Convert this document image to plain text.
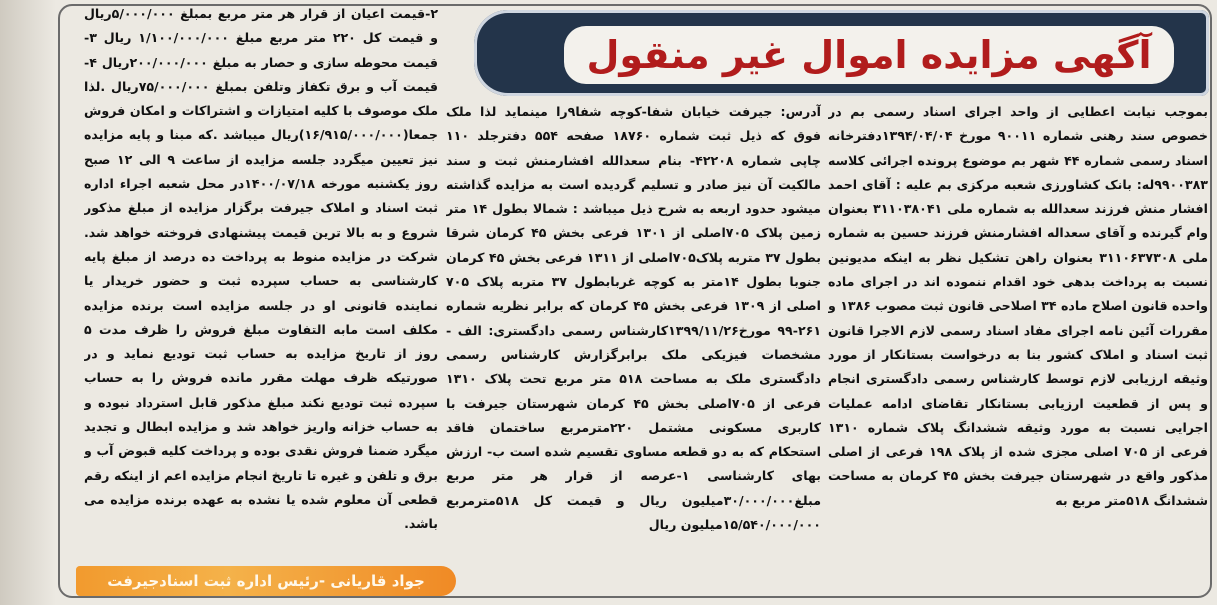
آگهی مزایده اموال غیر منقول

بموجب نیابت اعطایی از واحد اجرای اسناد رسمی بم در خصوص سند رهنی شماره ۹۰۰۱۱ مورخ ۱۳۹۴/۰۴/۰۴دفترخانه اسناد رسمی شماره ۴۴ شهر بم موضوع پرونده اجرائی کلاسه ۹۹۰۰۳۸۳له: بانک کشاورزی شعبه مرکزی بم علیه : آقای احمد افشار منش فرزند سعدالله به شماره ملی ۳۱۱۰۳۸۰۴۱ بعنوان وام گیرنده و آقای سعداله افشارمنش فرزند حسین به شماره ملی ۳۱۱۰۶۳۷۳۰۸ بعنوان راهن تشکیل نظر به اینکه مدیونین نسبت به پرداخت بدهی خود اقدام ننموده اند در اجرای ماده واحده قانون اصلاح ماده ۳۴ اصلاحی قانون ثبت مصوب ۱۳۸۶ و مقررات آئین نامه اجرای مفاد اسناد رسمی لازم الاجرا قانون ثبت اسناد و املاک کشور بنا به درخواست بستانکار از مورد وثیقه ارزیابی لازم توسط کارشناس رسمی دادگستری انجام و پس از قطعیت ارزیابی بستانکار تقاضای ادامه عملیات اجرایی نسبت به مورد وثیقه ششدانگ پلاک شماره ۱۳۱۰ فرعی از ۷۰۵ اصلی مجزی شده از پلاک ۱۹۸ فرعی از اصلی مذکور واقع در شهرستان جیرفت بخش ۴۵ کرمان به مساحت ششدانگ ۵۱۸متر مربع به

آدرس: جیرفت خیابان شفا-کوچه شفا۹را مینماید لذا ملک فوق که ذیل ثبت شماره ۱۸۷۶۰ صفحه ۵۵۴ دفترجلد ۱۱۰ چاپی شماره ۴۲۲۰۸- بنام سعدالله افشارمنش ثبت و سند مالکیت آن نیز صادر و تسلیم گردیده است به مزایده گذاشته میشود حدود اربعه به شرح ذیل میباشد : شمالا بطول ۱۴ متر زمین پلاک ۷۰۵اصلی از ۱۳۰۱ فرعی بخش ۴۵ کرمان شرقا بطول ۳۷ متربه پلاک۷۰۵اصلی از ۱۳۱۱ فرعی بخش ۴۵ کرمان جنوبا بطول ۱۴متر به کوچه غربابطول ۳۷ متربه پلاک ۷۰۵ اصلی از ۱۳۰۹ فرعی بخش ۴۵ کرمان که برابر نظریه شماره ۲۶۱-۹۹ مورخ۱۳۹۹/۱۱/۲۶کارشناس رسمی دادگستری: الف - مشخصات فیزیکی ملک برابرگزارش کارشناس رسمی دادگستری ملک به مساحت ۵۱۸ متر مربع تحت پلاک ۱۳۱۰ فرعی از ۷۰۵اصلی بخش ۴۵ کرمان شهرستان جیرفت با کاربری مسکونی مشتمل ۲۲۰مترمربع ساختمان فاقد استحکام که به دو قطعه مساوی تقسیم شده است ب- ارزش بهای کارشناسی ۱-عرصه از قرار هر متر مربع مبلغ۳۰/۰۰۰/۰۰۰میلیون ریال و قیمت کل ۵۱۸مترمربع ۱۵/۵۴۰/۰۰۰/۰۰۰میلیون ریال

۲-قیمت اعیان از قرار هر متر مربع بمبلغ ۵/۰۰۰/۰۰۰ریال و قیمت کل ۲۲۰ متر مربع مبلغ ۱/۱۰۰/۰۰۰/۰۰۰ ریال ۳-قیمت محوطه سازی و حصار به مبلغ ۲۰۰/۰۰۰/۰۰۰ریال ۴-قیمت آب و برق تکفاز وتلفن بمبلغ ۷۵/۰۰۰/۰۰۰ریال .لذا ملک موصوف با کلیه امتیازات و اشتراکات و امکان فروش جمعا(۱۶/۹۱۵/۰۰۰/۰۰۰)ریال میباشد .که مبنا و پایه مزایده نیز تعیین میگردد جلسه مزایده از ساعت ۹ الی ۱۲ صبح روز یکشنبه مورخه ۱۴۰۰/۰۷/۱۸در محل شعبه اجراء اداره ثبت اسناد و املاک جیرفت برگزار مزایده از مبلغ مذکور شروع و به بالا ترین قیمت پیشنهادی فروخته خواهد شد. شرکت در مزایده منوط به پرداخت ده درصد از مبلغ پایه کارشناسی به حساب سپرده ثبت و حضور خریدار یا نماینده قانونی او در جلسه مزایده است برنده مزایده مکلف است مابه التفاوت مبلغ فروش را ظرف مدت ۵ روز از تاریخ مزایده به حساب ثبت تودیع نماید و در صورتیکه ظرف مهلت مقرر مانده فروش را به حساب سپرده ثبت تودیع نکند مبلغ مذکور قابل استرداد نبوده و به حساب خزانه واریز خواهد شد و مزایده ابطال و تجدید میگرد ضمنا فروش نقدی بوده و پرداخت کلیه قبوض آب و برق و تلفن و غیره تا تاریخ انجام مزایده اعم از اینکه رقم قطعی آن معلوم شده یا نشده به عهده برنده مزایده می باشد.

جواد قاریانی -رئیس اداره ثبت اسنادجیرفت
